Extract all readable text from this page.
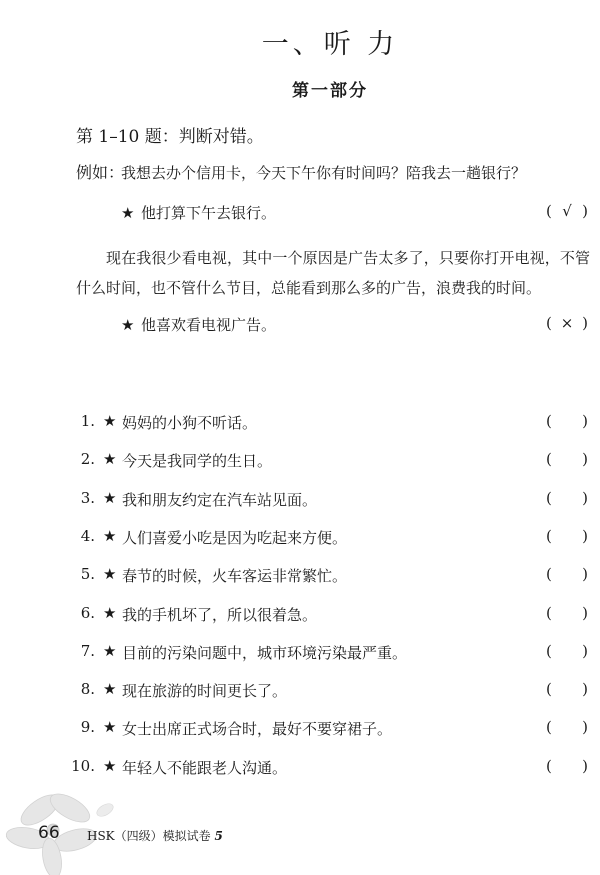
一、听 力
第一部分
第 1–10 题：判断对错。
例如：
我想去办个信用卡，今天下午你有时间吗？陪我去一趟银行？
★ 他打算下午去银行。	( √ )
现在我很少看电视，其中一个原因是广告太多了，只要你打开电视，不管什么时间，也不管什么节目，总能看到那么多的广告，浪费我的时间。
★ 他喜欢看电视广告。	( × )
1. ★ 妈妈的小狗不听话。	( )
2. ★ 今天是我同学的生日。	( )
3. ★ 我和朋友约定在汽车站见面。	( )
4. ★ 人们喜爱小吃是因为吃起来方便。	( )
5. ★ 春节的时候，火车客运非常繁忙。	( )
6. ★ 我的手机坏了，所以很着急。	( )
7. ★ 目前的污染问题中，城市环境污染最严重。	( )
8. ★ 现在旅游的时间更长了。	( )
9. ★ 女士出席正式场合时，最好不要穿裙子。	( )
10. ★ 年轻人不能跟老人沟通。	( )
66 HSK（四级）模拟试卷 5
